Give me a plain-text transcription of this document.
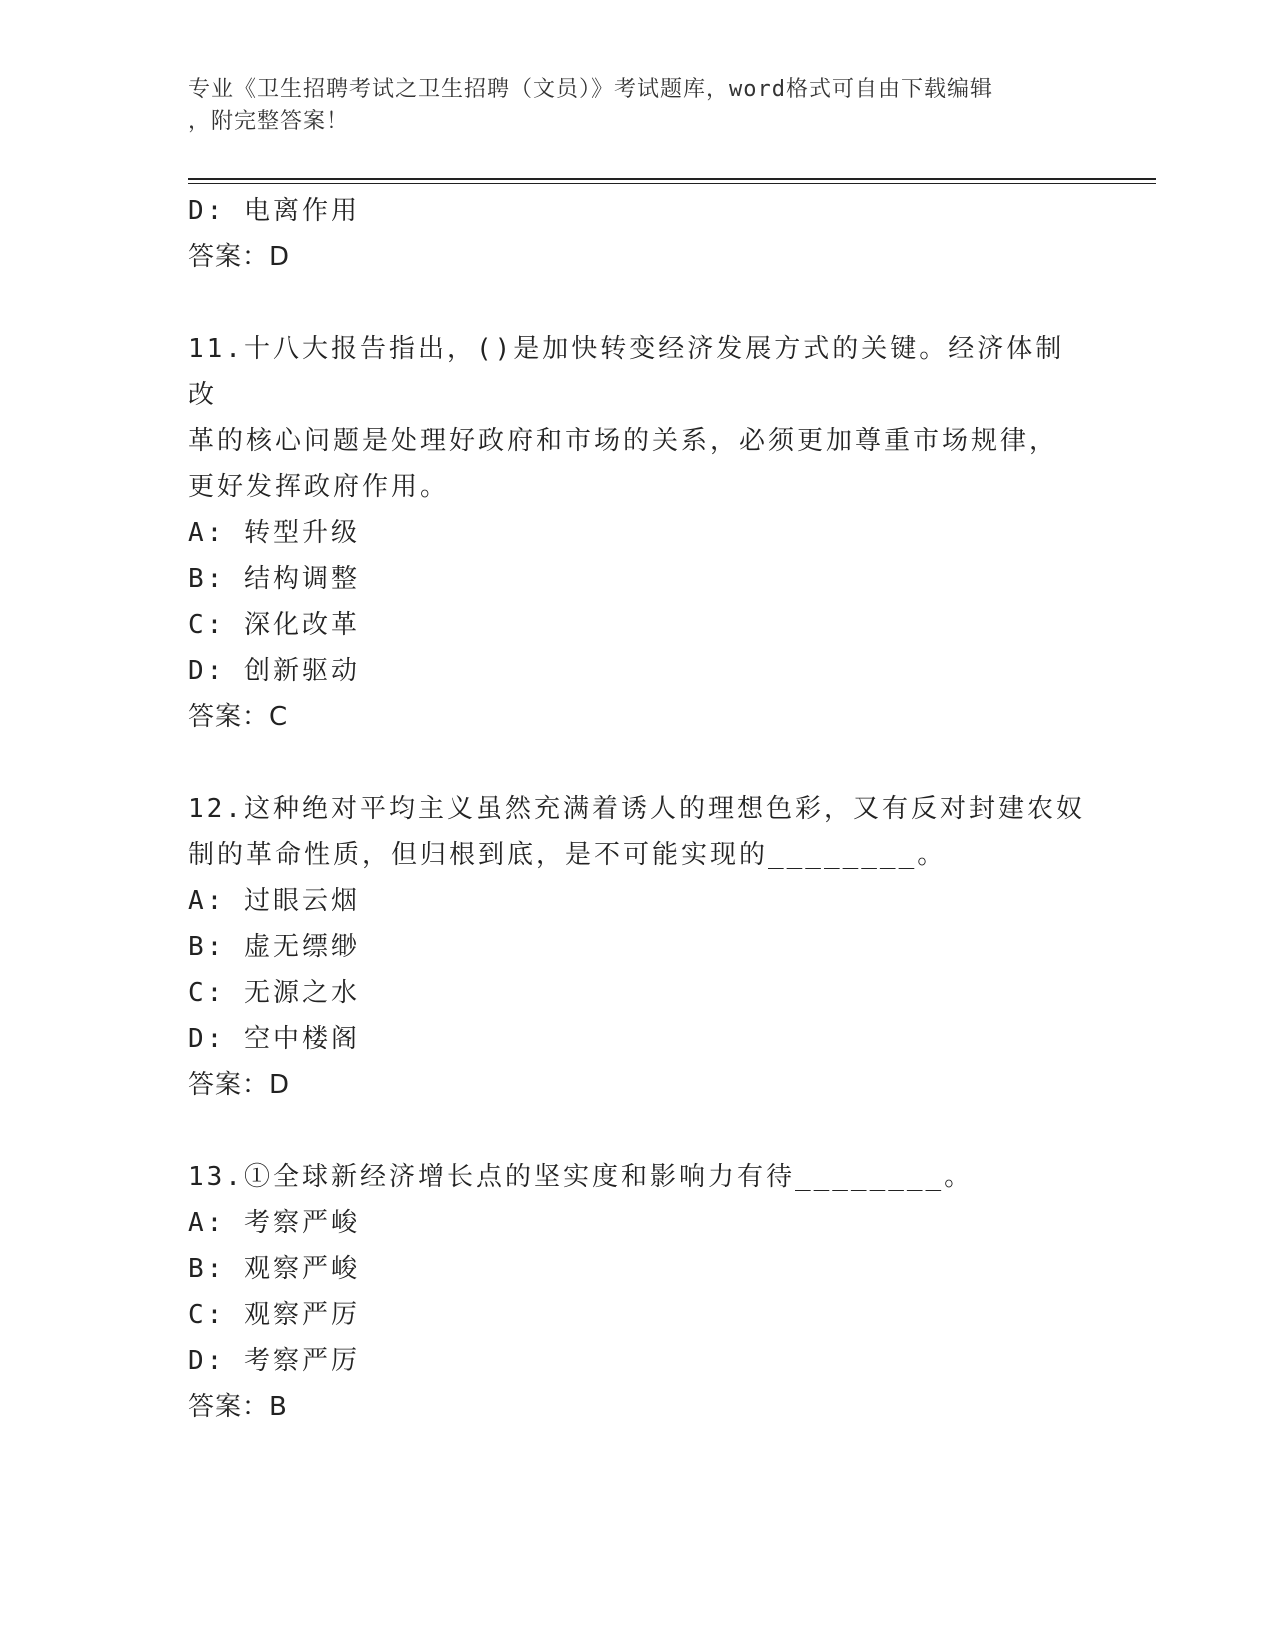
专业《卫生招聘考试之卫生招聘（文员）》考试题库，word格式可自由下载编辑
，附完整答案！

D: 电离作用

答案：D

11.十八大报告指出，()是加快转变经济发展方式的关键。经济体制改

革的核心问题是处理好政府和市场的关系，必须更加尊重市场规律，

更好发挥政府作用。

A: 转型升级

B: 结构调整

C: 深化改革

D: 创新驱动

答案：C

12.这种绝对平均主义虽然充满着诱人的理想色彩，又有反对封建农奴

制的革命性质，但归根到底，是不可能实现的________。

A: 过眼云烟

B: 虚无缥缈

C: 无源之水

D: 空中楼阁

答案：D

13.①全球新经济增长点的坚实度和影响力有待________。

A: 考察严峻

B: 观察严峻

C: 观察严厉

D: 考察严厉

答案：B
